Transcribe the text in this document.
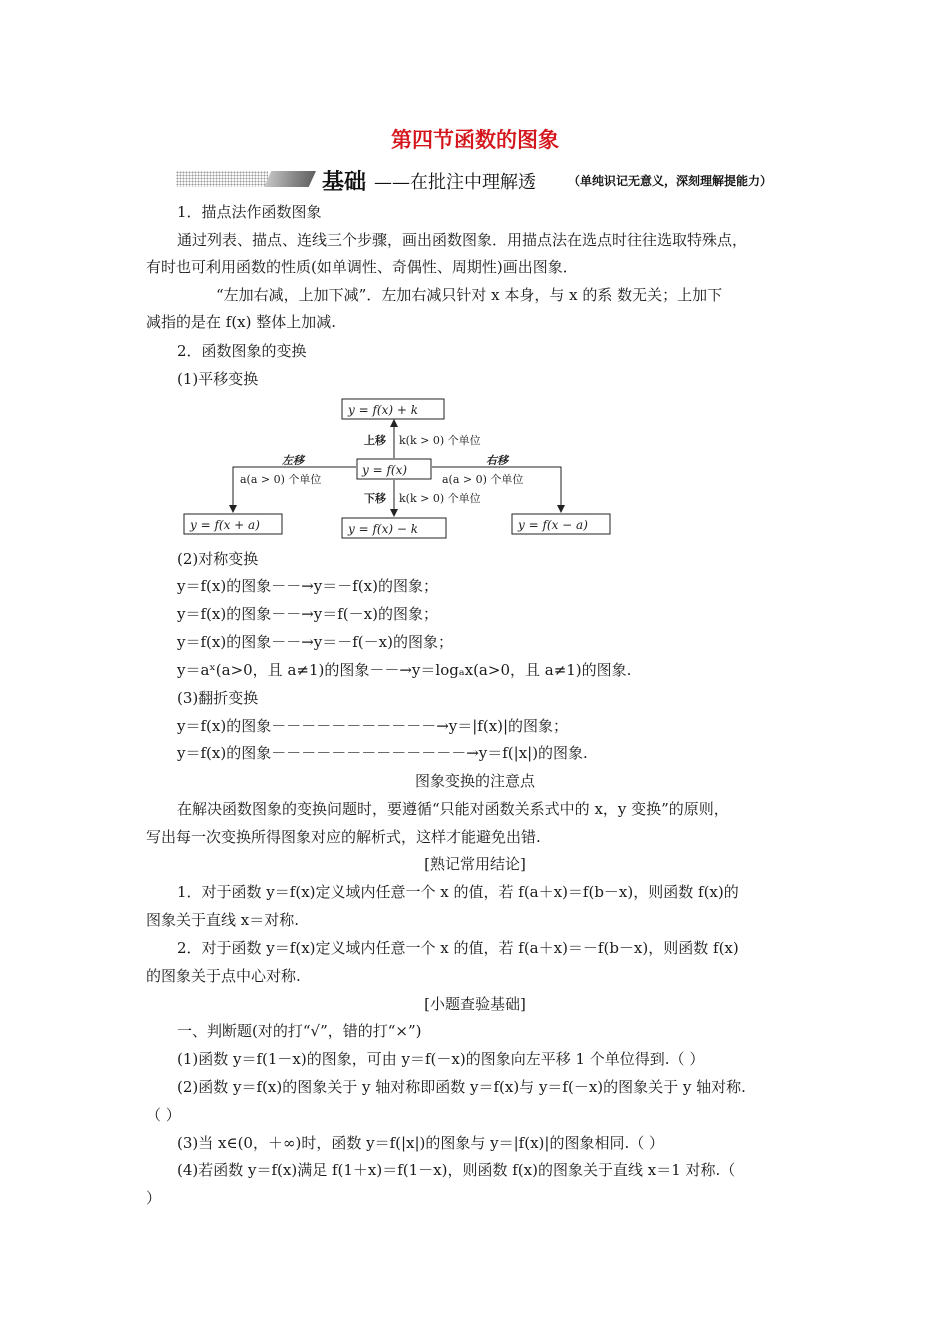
第四节函数的图象
基础 ——在批注中理解透	（单纯识记无意义，深刻理解提能力）
1．描点法作函数图象
通过列表、描点、连线三个步骤，画出函数图象．用描点法在选点时往往选取特殊点，
有时也可利用函数的性质(如单调性、奇偶性、周期性)画出图象．
“左加右减，上加下减”．左加右减只针对 x 本身，与 x 的系 数无关；上加下
减指的是在 f(x) 整体上加减.
2．函数图象的变换
(1)平移变换
y = f(x) + k
y = f(x)
y = f(x) − k
y = f(x + a)	y = f(x − a)
上移 k(k > 0) 个单位
下移 k(k > 0) 个单位
左移
a(a > 0) 个单位
右移
a(a > 0) 个单位
(2)对称变换
y＝f(x)的图象－－→y＝－f(x)的图象；
y＝f(x)的图象－－→y＝f(－x)的图象；
y＝f(x)的图象－－→y＝－f(－x)的图象；
y＝aˣ(a>0，且 a≠1)的图象－－→y＝logₐx(a>0，且 a≠1)的图象.
(3)翻折变换
y＝f(x)的图象－－－－－－－－－－－→y＝|f(x)|的图象；
y＝f(x)的图象－－－－－－－－－－－－－→y＝f(|x|)的图象.
图象变换的注意点
在解决函数图象的变换问题时，要遵循“只能对函数关系式中的 x，y 变换”的原则，
写出每一次变换所得图象对应的解析式，这样才能避免出错.
[熟记常用结论]
1．对于函数 y＝f(x)定义域内任意一个 x 的值，若 f(a＋x)＝f(b－x)，则函数 f(x)的
图象关于直线 x＝对称.
2．对于函数 y＝f(x)定义域内任意一个 x 的值，若 f(a＋x)＝－f(b－x)，则函数 f(x)
的图象关于点中心对称.
[小题查验基础]
一、判断题(对的打“√”，错的打“×”)
(1)函数 y＝f(1－x)的图象，可由 y＝f(－x)的图象向左平移 1 个单位得到.（ ）
(2)函数 y＝f(x)的图象关于 y 轴对称即函数 y＝f(x)与 y＝f(－x)的图象关于 y 轴对称.
（ ）
(3)当 x∈(0，＋∞)时，函数 y＝f(|x|)的图象与 y＝|f(x)|的图象相同.（ ）
(4)若函数 y＝f(x)满足 f(1＋x)＝f(1－x)，则函数 f(x)的图象关于直线 x＝1 对称.（
）
